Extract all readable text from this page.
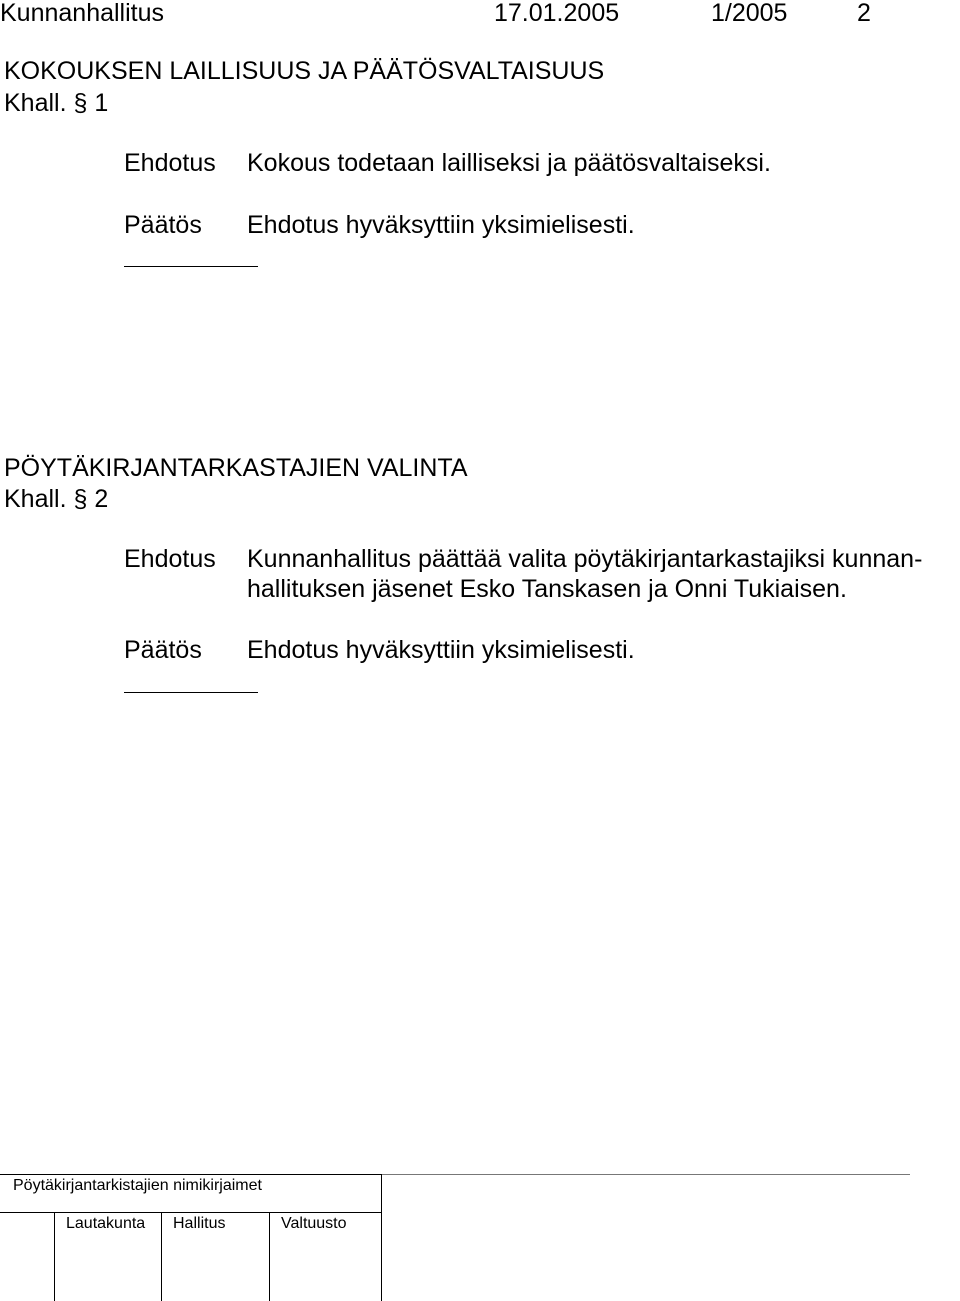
Kunnanhallitus	17.01.2005	1/2005	2
KOKOUKSEN LAILLISUUS JA PÄÄTÖSVALTAISUUS
Khall. § 1
Ehdotus Kokous todetaan lailliseksi ja päätösvaltaiseksi.
Päätös Ehdotus hyväksyttiin yksimielisesti.
PÖYTÄKIRJANTARKASTAJIEN VALINTA
Khall. § 2
Ehdotus Kunnanhallitus päättää valita pöytäkirjantarkastajiksi kunnan-
hallituksen jäsenet Esko Tanskasen ja Onni Tukiaisen.
Päätös Ehdotus hyväksyttiin yksimielisesti.
Pöytäkirjantarkistajien nimikirjaimet
Lautakunta Hallitus	Valtuusto
